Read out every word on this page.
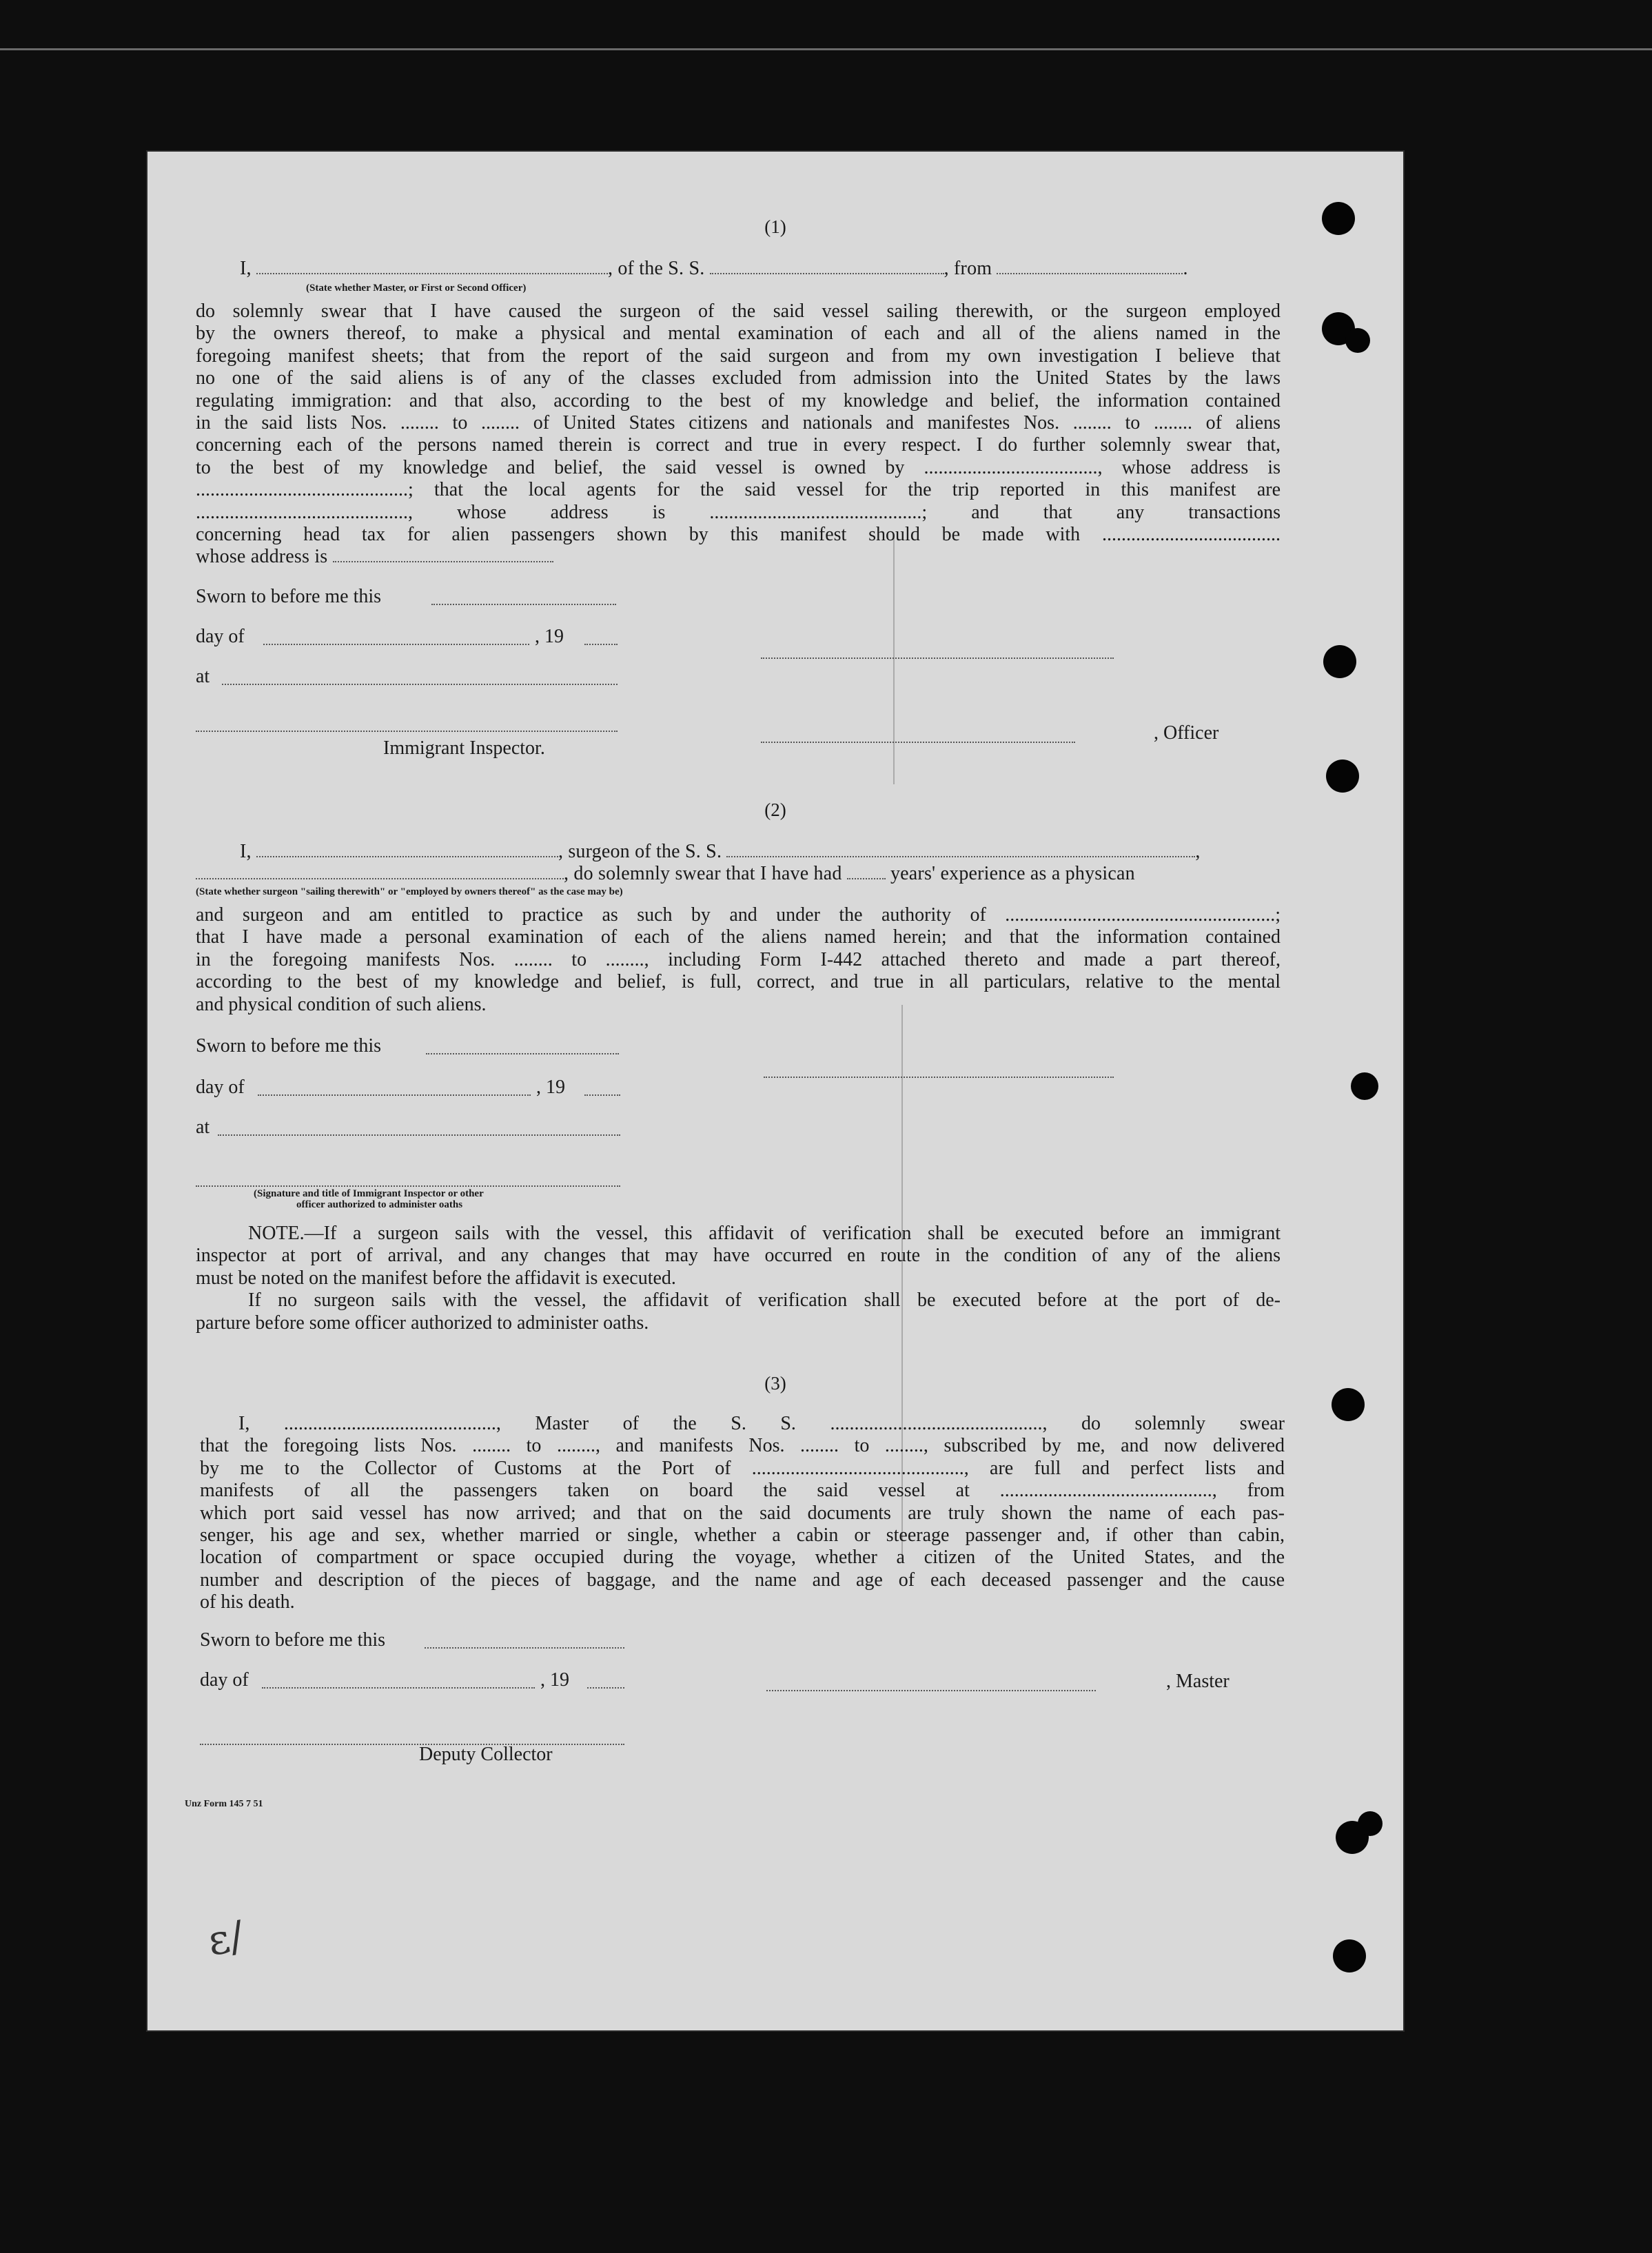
(1)
I,	, of the S. S.	, from	.
(State whether Master, or First or Second Officer)
do solemnly swear that I have caused the surgeon of the said vessel sailing therewith, or the surgeon employed
by the owners thereof, to make a physical and mental examination of each and all of the aliens named in the
foregoing manifest sheets; that from the report of the said surgeon and from my own investigation I believe that
no one of the said aliens is of any of the classes excluded from admission into the United States by the laws
regulating immigration: and that also, according to the best of my knowledge and belief, the information contained
in the said lists Nos. ........ to ........ of United States citizens and nationals and manifestes Nos. ........ to ........ of aliens
concerning each of the persons named therein is correct and true in every respect. I do further solemnly swear that,
to the best of my knowledge and belief, the said vessel is owned by ...................................., whose address is
............................................; that the local agents for the said vessel for the trip reported in this manifest are
............................................, whose address is ............................................; and that any transactions
concerning head tax for alien passengers shown by this manifest should be made with .....................................
whose address is
Sworn to before me this
day of	, 19
at
, Officer
Immigrant Inspector.
(2)
I,	, surgeon of the S. S.	,
, do solemnly swear that I have had	years' experience as a physican
(State whether surgeon "sailing therewith" or "employed by owners thereof" as the case may be)
and surgeon and am entitled to practice as such by and under the authority of ........................................................;
that I have made a personal examination of each of the aliens named herein; and that the information contained
in the foregoing manifests Nos. ........ to ........, including Form I-442 attached thereto and made a part thereof,
according to the best of my knowledge and belief, is full, correct, and true in all particulars, relative to the mental
and physical condition of such aliens.
Sworn to before me this
day of	, 19
at
(Signature and title of Immigrant Inspector or other
officer authorized to administer oaths
NOTE.—If a surgeon sails with the vessel, this affidavit of verification shall be executed before an immigrant
inspector at port of arrival, and any changes that may have occurred en route in the condition of any of the aliens
must be noted on the manifest before the affidavit is executed.
If no surgeon sails with the vessel, the affidavit of verification shall be executed before at the port of de-
parture before some officer authorized to administer oaths.
(3)
I, ............................................, Master of the S. S. ............................................, do solemnly swear
that the foregoing lists Nos. ........ to ........, and manifests Nos. ........ to ........, subscribed by me, and now delivered
by me to the Collector of Customs at the Port of ............................................, are full and perfect lists and
manifests of all the passengers taken on board the said vessel at ............................................, from
which port said vessel has now arrived; and that on the said documents are truly shown the name of each pas-
senger, his age and sex, whether married or single, whether a cabin or steerage passenger and, if other than cabin,
location of compartment or space occupied during the voyage, whether a citizen of the United States, and the
number and description of the pieces of baggage, and the name and age of each deceased passenger and the cause
of his death.
Sworn to before me this
day of	, 19	, Master
Deputy Collector
Unz Form 145 7 51
ɛ/
